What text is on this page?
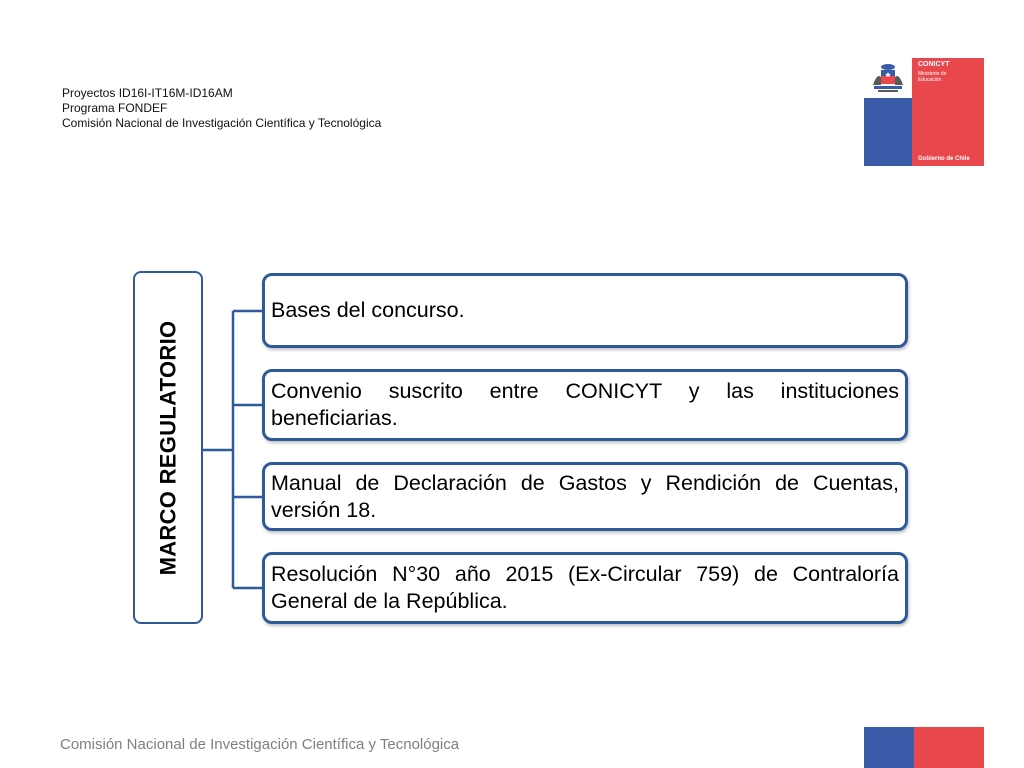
Proyectos ID16I-IT16M-ID16AM
Programa FONDEF
Comisión Nacional de Investigación Científica y Tecnológica
CONICYT
Ministerio de
Educación
Gobierno de Chile
MARCO REGULATORIO
Bases del concurso.
Convenio suscrito entre CONICYT y las instituciones beneficiarias.
Manual de Declaración de Gastos y Rendición de Cuentas, versión 18.
Resolución N°30 año 2015 (Ex-Circular 759) de Contraloría General de la República.
Comisión Nacional de Investigación Científica y Tecnológica
